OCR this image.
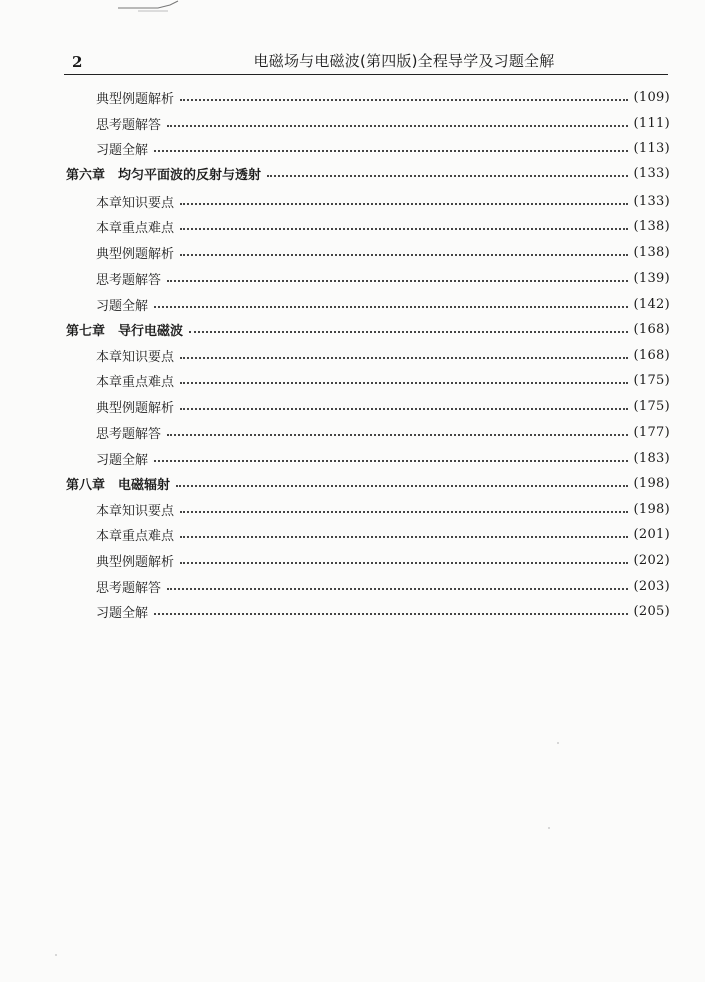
2	电磁场与电磁波(第四版)全程导学及习题全解
典型例题解析	(109)
思考题解答	(111)
习题全解	(113)
第六章　均匀平面波的反射与透射	(133)
本章知识要点	(133)
本章重点难点	(138)
典型例题解析	(138)
思考题解答	(139)
习题全解	(142)
第七章　导行电磁波	(168)
本章知识要点	(168)
本章重点难点	(175)
典型例题解析	(175)
思考题解答	(177)
习题全解	(183)
第八章　电磁辐射	(198)
本章知识要点	(198)
本章重点难点	(201)
典型例题解析	(202)
思考题解答	(203)
习题全解	(205)
